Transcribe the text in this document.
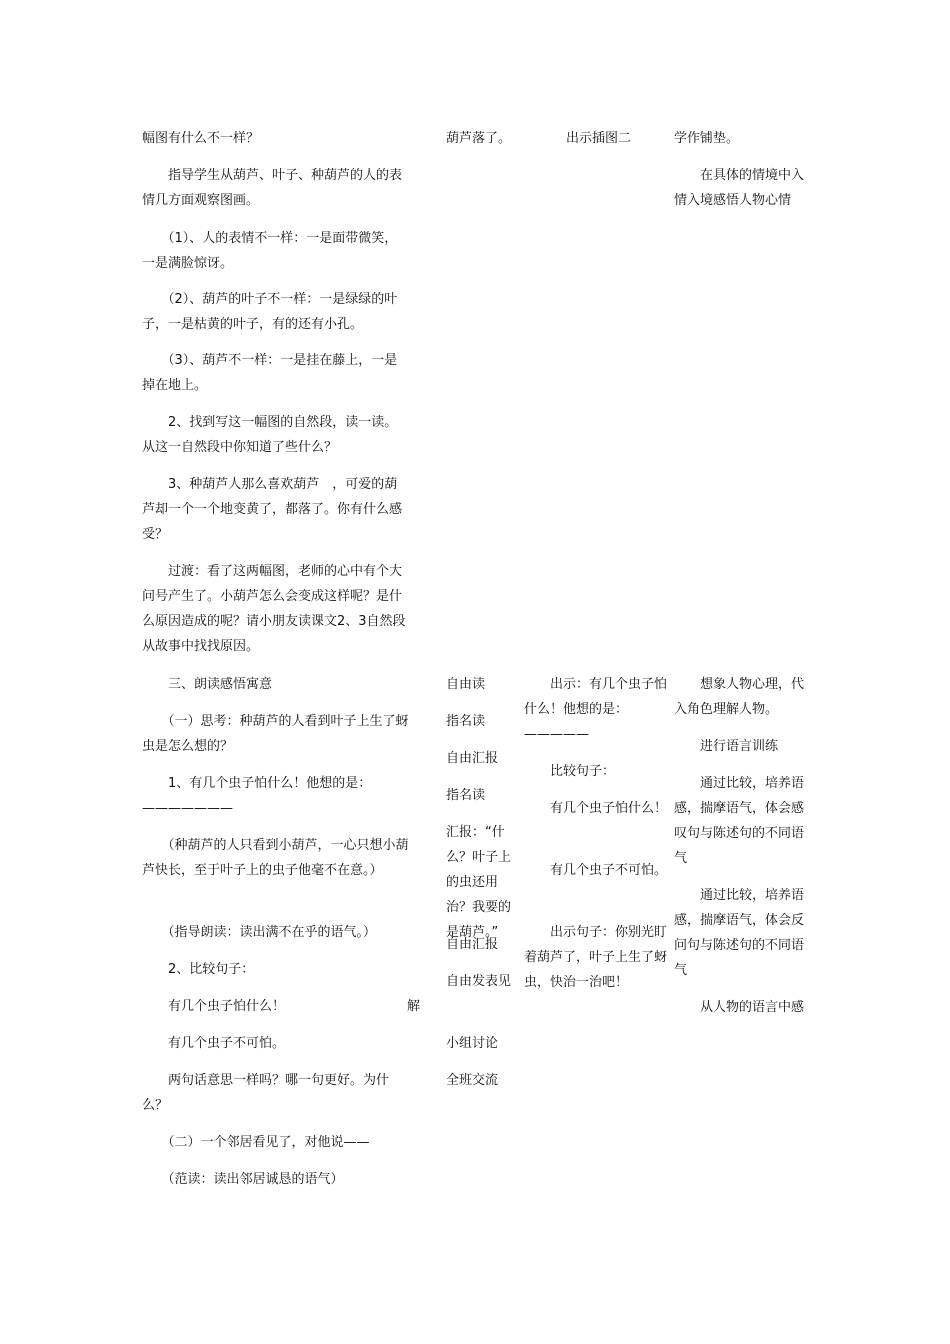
幅图有什么不一样？

　　指导学生从葫芦、叶子、种葫芦的人的表情几方面观察图画。

　　（1）、人的表情不一样：一是面带微笑，一是满脸惊讶。

　　（2）、葫芦的叶子不一样：一是绿绿的叶子，一是枯黄的叶子，有的还有小孔。

　　（3）、葫芦不一样：一是挂在藤上，一是掉在地上。

　　2、找到写这一幅图的自然段，读一读。从这一自然段中你知道了些什么？

　　3、种葫芦人那么喜欢葫芦　，可爱的葫芦却一个一个地变黄了，都落了。你有什么感受？

　　过渡：看了这两幅图，老师的心中有个大问号产生了。小葫芦怎么会变成这样呢？是什么原因造成的呢？请小朋友读课文2、3自然段从故事中找找原因。

葫芦落了。	　　出示插图二	学作铺垫。

　　在具体的情境中入情入境感悟人物心情

　　三、朗读感悟寓意

　　（一）思考：种葫芦的人看到叶子上生了蚜虫是怎么想的？

　　1、有几个虫子怕什么！他想的是：———————

　　（种葫芦的人只看到小葫芦，一心只想小葫芦快长，至于叶子上的虫子他毫不在意。）

　　（指导朗读：读出满不在乎的语气。）

　　2、比较句子：

　　有几个虫子怕什么！

　　有几个虫子不可怕。

　　两句话意思一样吗？哪一句更好。为什么？

　　（二）一个邻居看见了，对他说——

　　（范读：读出邻居诚恳的语气）

解

自由读

指名读

自由汇报

指名读

汇报：“什么？叶子上的虫还用治？我要的是葫芦。”

自由汇报

自由发表见

小组讨论

全班交流

　　出示：有几个虫子怕什么！他想的是：—————

　　比较句子：

　　有几个虫子怕什么！

　　有几个虫子不可怕。

　　出示句子：你别光盯着葫芦了，叶子上生了蚜虫，快治一治吧！

　　想象人物心理，代入角色理解人物。

　　进行语言训练

　　通过比较，培养语感，揣摩语气，体会感叹句与陈述句的不同语气

　　通过比较，培养语感，揣摩语气，体会反问句与陈述句的不同语气

　　从人物的语言中感
